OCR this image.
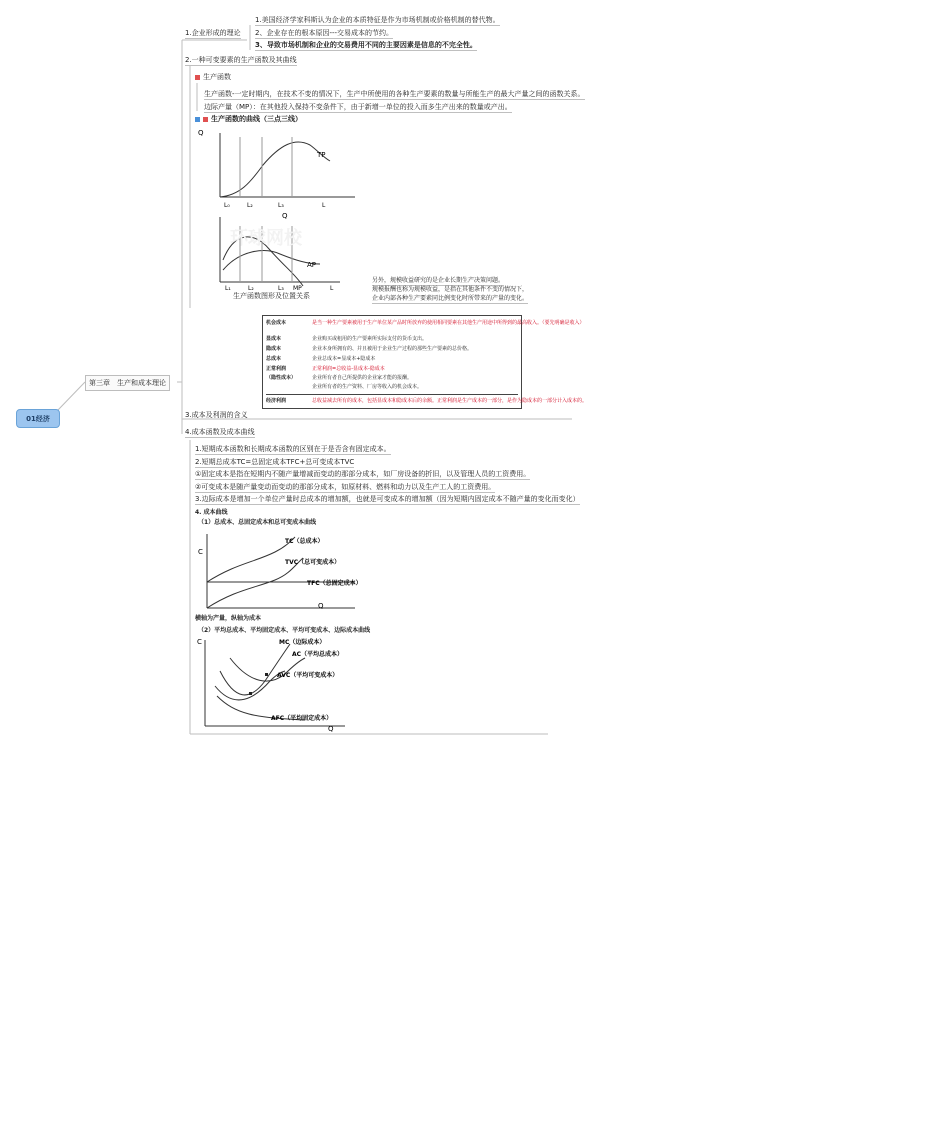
01经济
第三章　生产和成本理论
1.企业形成的理论
1.美国经济学家科斯认为企业的本质特征是作为市场机制或价格机制的替代物。
2、企业存在的根本原因---交易成本的节约。
3、导致市场机制和企业的交易费用不同的主要因素是信息的不完全性。
2.一种可变要素的生产函数及其曲线
生产函数
生产函数-一定时期内，在技术不变的情况下，生产中所使用的各种生产要素的数量与所能生产的最大产量之间的函数关系。
边际产量（MP）：在其他投入保持不变条件下，由于新增一单位的投入而多生产出来的数量或产出。
生产函数的曲线（三点三线）
Q
TP
L₀	L₂	L₃	L
Q
AP
L₁	L₂	L₃ MP	L
生产函数图形及位置关系
另外，规模收益研究的是企业长期生产决策问题。
规模报酬也称为规模收益，是指在其他条件不变的情况下，
企业内部各种生产要素同比例变化时所带来的产量的变化。
环球网校
机会成本	是当一种生产要素被用于生产单位某产品时所放弃的使用相同要素在其他生产用途中所得到的最高收入。（要先明确是收入）
显成本	企业购买或租用的生产要素所实际支付的货币支出。
隐成本	企业本身所拥有的、并且被用于企业生产过程的那些生产要素的总价格。
总成本	企业总成本=显成本+隐成本
正常利润	正常利润=总收益-显成本-隐成本
（隐性成本）	企业所有者自己所提供的企业家才能的报酬。
企业所有者的生产资料、厂房等收入的机会成本。
经济利润	总收益减去所有的成本，包括显成本和隐成本后的余额。正常利润是生产成本的一部分，是作为隐成本的一部分计入成本的。
3.成本及利润的含义
4.成本函数及成本曲线
1.短期成本函数和长期成本函数的区别在于是否含有固定成本。
2.短期总成本TC=总固定成本TFC+总可变成本TVC
①固定成本是指在短期内不随产量增减而变动的那部分成本，如厂房设备的折旧，以及管理人员的工资费用。
②可变成本是随产量变动而变动的那部分成本，如原材料、燃料和动力以及生产工人的工资费用。
3.边际成本是增加一个单位产量时总成本的增加额，也就是可变成本的增加额（因为短期内固定成本不随产量的变化而变化）
4. 成本曲线
（1）总成本、总固定成本和总可变成本曲线
C
TC（总成本）
TVC（总可变成本）
TFC（总固定成本）
Q
横轴为产量，纵轴为成本
（2）平均总成本、平均固定成本、平均可变成本、边际成本曲线
C	MC（边际成本）
AC（平均总成本）
AVC（平均可变成本）
AFC（平均固定成本）
Q
